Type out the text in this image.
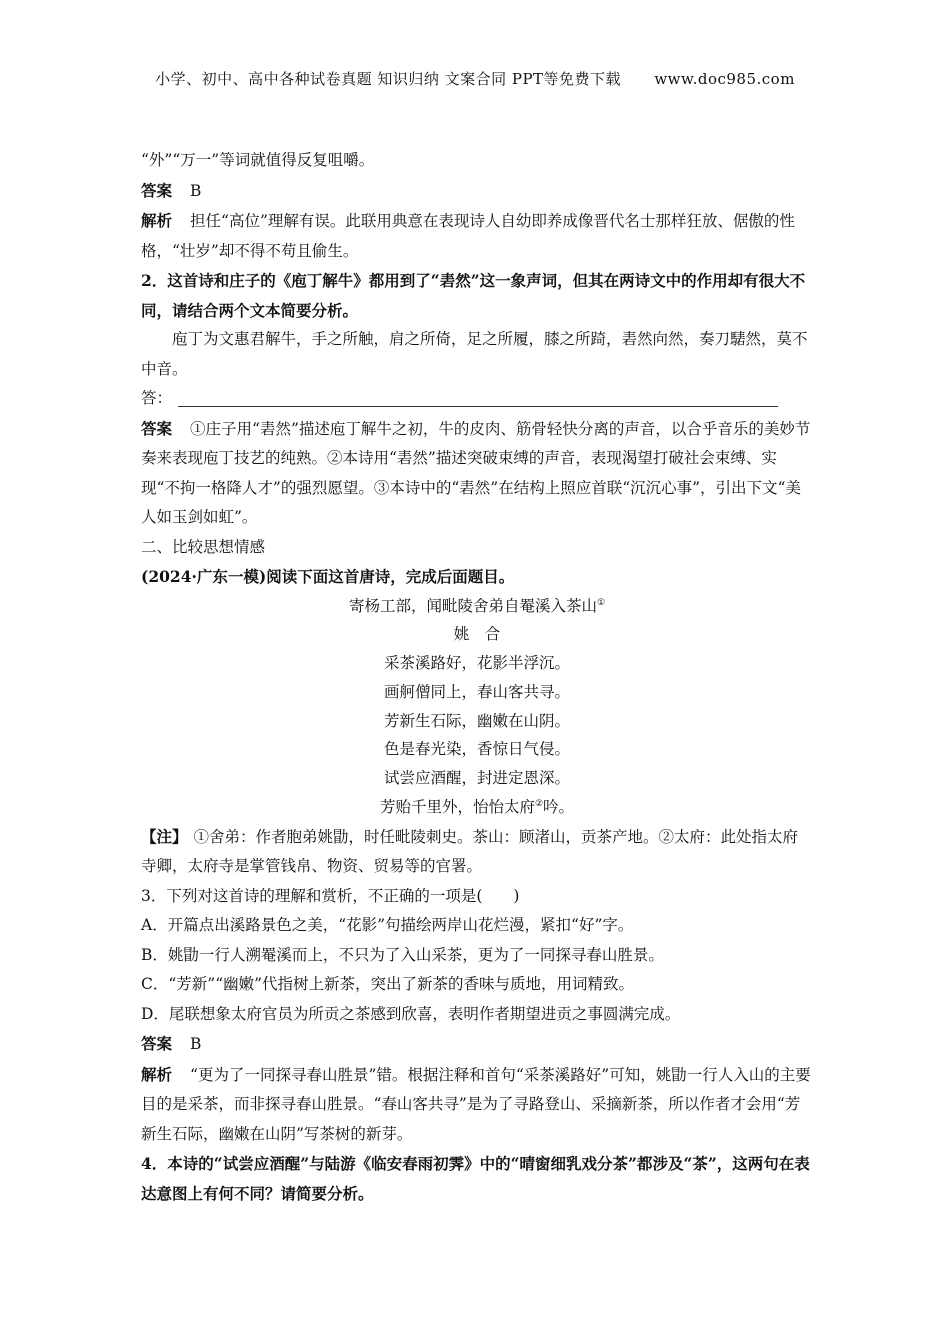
小学、初中、高中各种试卷真题 知识归纳 文案合同 PPT等免费下载 www.doc985.com

“外”“万一”等词就值得反复咀嚼。

答案 B

解析 担任“高位”理解有误。此联用典意在表现诗人自幼即养成像晋代名士那样狂放、倨傲的性格，“壮岁”却不得不苟且偷生。

2．这首诗和庄子的《庖丁解牛》都用到了“砉然”这一象声词，但其在两诗文中的作用却有很大不同，请结合两个文本简要分析。

庖丁为文惠君解牛，手之所触，肩之所倚，足之所履，膝之所踦，砉然向然，奏刀騞然，莫不中音。

答：

答案 ①庄子用“砉然”描述庖丁解牛之初，牛的皮肉、筋骨轻快分离的声音，以合乎音乐的美妙节奏来表现庖丁技艺的纯熟。②本诗用“砉然”描述突破束缚的声音，表现渴望打破社会束缚、实现“不拘一格降人才”的强烈愿望。③本诗中的“砉然”在结构上照应首联“沉沉心事”，引出下文“美人如玉剑如虹”。

二、比较思想情感

(2024·广东一模)阅读下面这首唐诗，完成后面题目。

寄杨工部，闻毗陵舍弟自罨溪入茶山①

姚　合

采茶溪路好，花影半浮沉。

画舸僧同上，春山客共寻。

芳新生石际，幽嫩在山阴。

色是春光染，香惊日气侵。

试尝应酒醒，封进定恩深。

芳贻千里外，怡怡太府②吟。

【注】 ①舍弟：作者胞弟姚勖，时任毗陵刺史。茶山：顾渚山，贡茶产地。②太府：此处指太府寺卿，太府寺是掌管钱帛、物资、贸易等的官署。

3．下列对这首诗的理解和赏析，不正确的一项是(　　)

A．开篇点出溪路景色之美，“花影”句描绘两岸山花烂漫，紧扣“好”字。

B．姚勖一行人溯罨溪而上，不只为了入山采茶，更为了一同探寻春山胜景。

C．“芳新”“幽嫩”代指树上新茶，突出了新茶的香味与质地，用词精致。

D．尾联想象太府官员为所贡之茶感到欣喜，表明作者期望进贡之事圆满完成。

答案 B

解析 “更为了一同探寻春山胜景”错。根据注释和首句“采茶溪路好”可知，姚勖一行人入山的主要目的是采茶，而非探寻春山胜景。“春山客共寻”是为了寻路登山、采摘新茶，所以作者才会用“芳新生石际，幽嫩在山阴”写茶树的新芽。

4．本诗的“试尝应酒醒”与陆游《临安春雨初霁》中的“晴窗细乳戏分茶”都涉及“茶”，这两句在表达意图上有何不同？请简要分析。
